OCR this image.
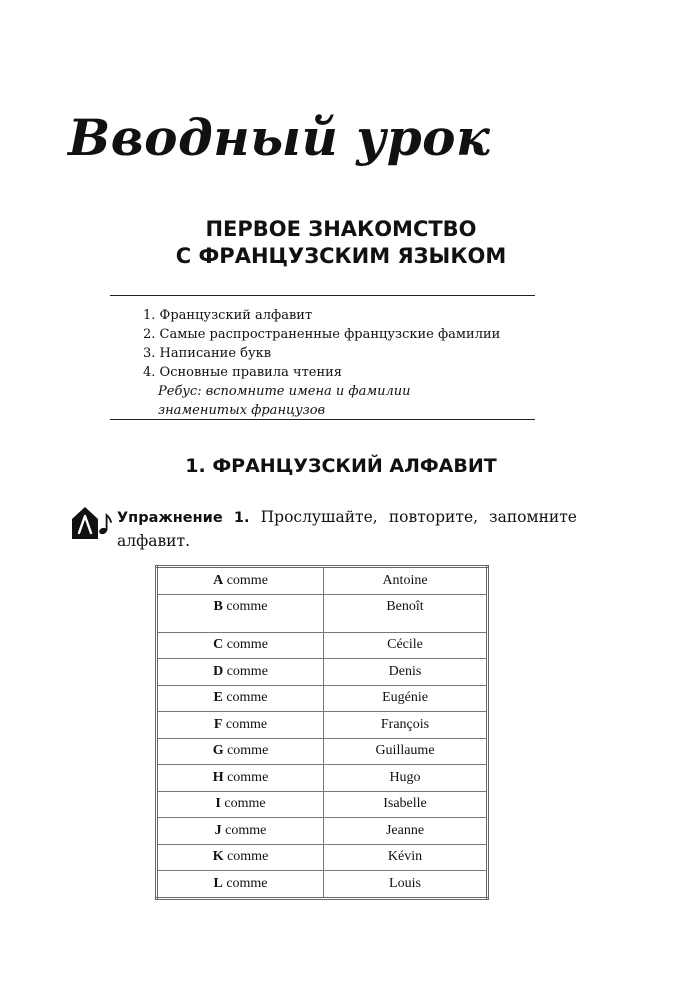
Вводный урок
ПЕРВОЕ ЗНАКОМСТВО
С ФРАНЦУЗСКИМ ЯЗЫКОМ
1. Французский алфавит
2. Самые распространенные французские фамилии
3. Написание букв
4. Основные правила чтения
Ребус: вспомните имена и фамилии знаменитых французов
1. ФРАНЦУЗСКИЙ АЛФАВИТ

Упражнение 1. Прослушайте, повторите, запомните алфавит.

A comme	Antoine
B comme	Benoît
C comme	Cécile
D comme	Denis
E comme	Eugénie
F comme	François
G comme	Guillaume
H comme	Hugo
I comme	Isabelle
J comme	Jeanne
K comme	Kévin
L comme	Louis
